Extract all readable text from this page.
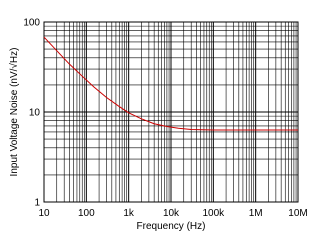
10	100	1k	10k 100k 1M	10M
1
10
100
Frequency (Hz)
Input Voltage Noise (nV/√Hz)
